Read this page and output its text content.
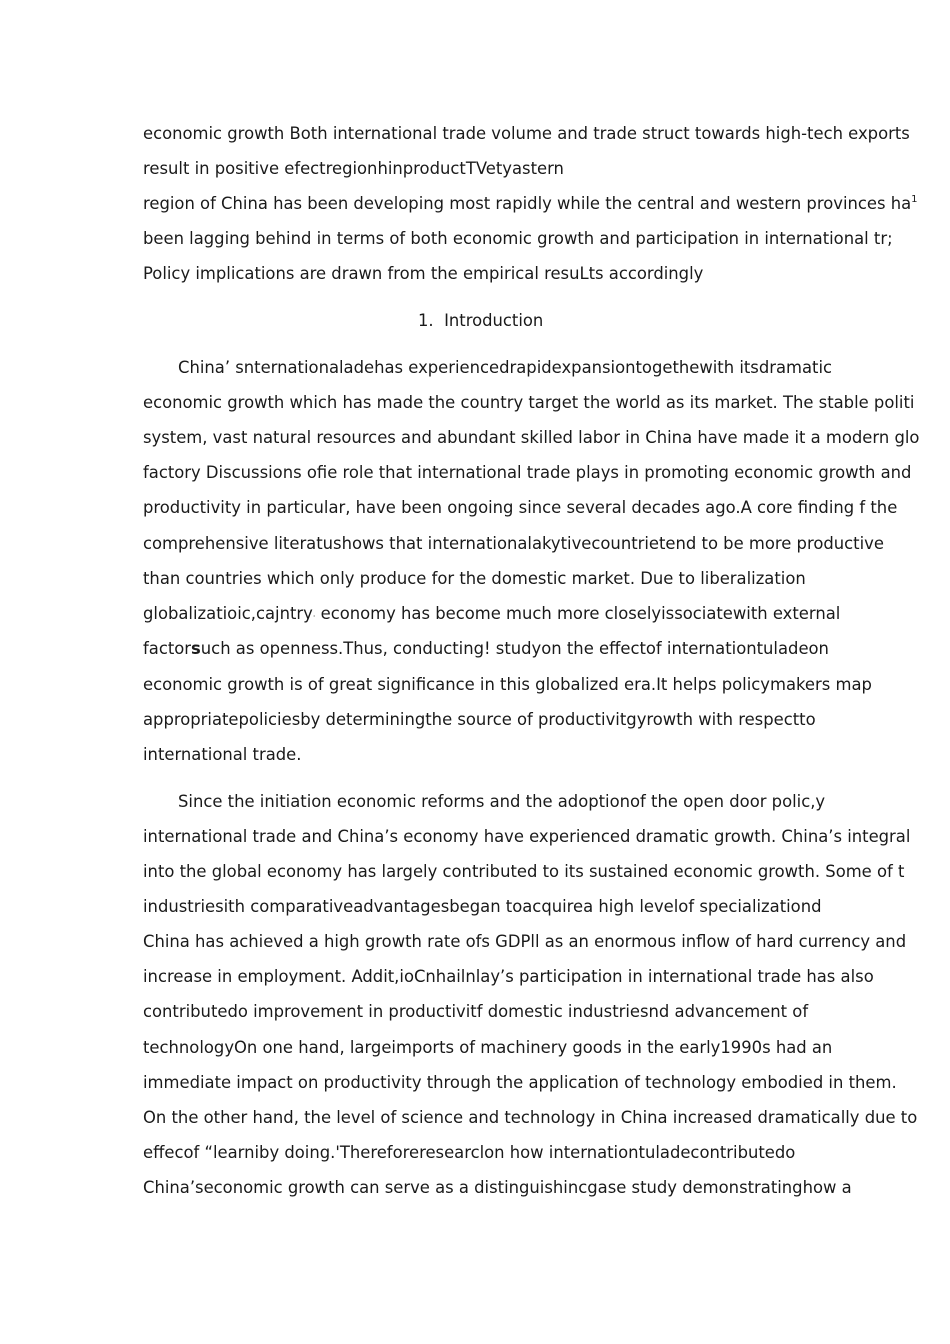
economic growth Both international trade volume and trade struct towards high-tech exports
result in positive efectregionhinproductTVetyastern
region of China has been developing most rapidly while the central and western provinces $ha^1$
been lagging behind in terms of both economic growth and participation in international tr;
Policy implications are drawn from the empirical resuLts accordingly
1. Introduction
China’ snternationaladehas experiencedrapidexpansiontogethewith itsdramatic
economic growth which has made the country target the world as its market. The stable politi
system, vast natural resources and abundant skilled labor in China have made it a modern glo
factory Discussions ofie role that international trade plays in promoting economic growth and
productivity in particular, have been ongoing since several decades ago.A core finding f the
comprehensive literatushows that internationalakytivecountrietend to be more productive
than countries which only produce for the domestic market. Due to liberalization
globalizatioic,cajntry· economy has become much more closelyissociatewith external
factorsuch as openness.Thus, conducting! studyon the effectof internationtuladeon
economic growth is of great significance in this globalized era.It helps policymakers map
appropriatepoliciesby determiningthe source of productivitgyrowth with respectto
international trade.
Since the initiation economic reforms and the adoptionof the open door polic,y
international trade and China’s economy have experienced dramatic growth. China’s integral
into the global economy has largely contributed to its sustained economic growth. Some of t
industriesith comparativeadvantagesbegan toacquirea high levelof specializationd
China has achieved a high growth rate ofs GDPll as an enormous inflow of hard currency and
increase in employment. Addit,ioCnhailnlay’s participation in international trade has also
contributedo improvement in productivitf domestic industriesnd advancement of
technologyOn one hand, largeimports of machinery goods in the early1990s had an
immediate impact on productivity through the application of technology embodied in them.
On the other hand, the level of science and technology in China increased dramatically due to
effecof “learniby doing.'Thereforeresearclon how internationtuladecontributedo
China’seconomic growth can serve as a distinguishincgase study demonstratinghow a
